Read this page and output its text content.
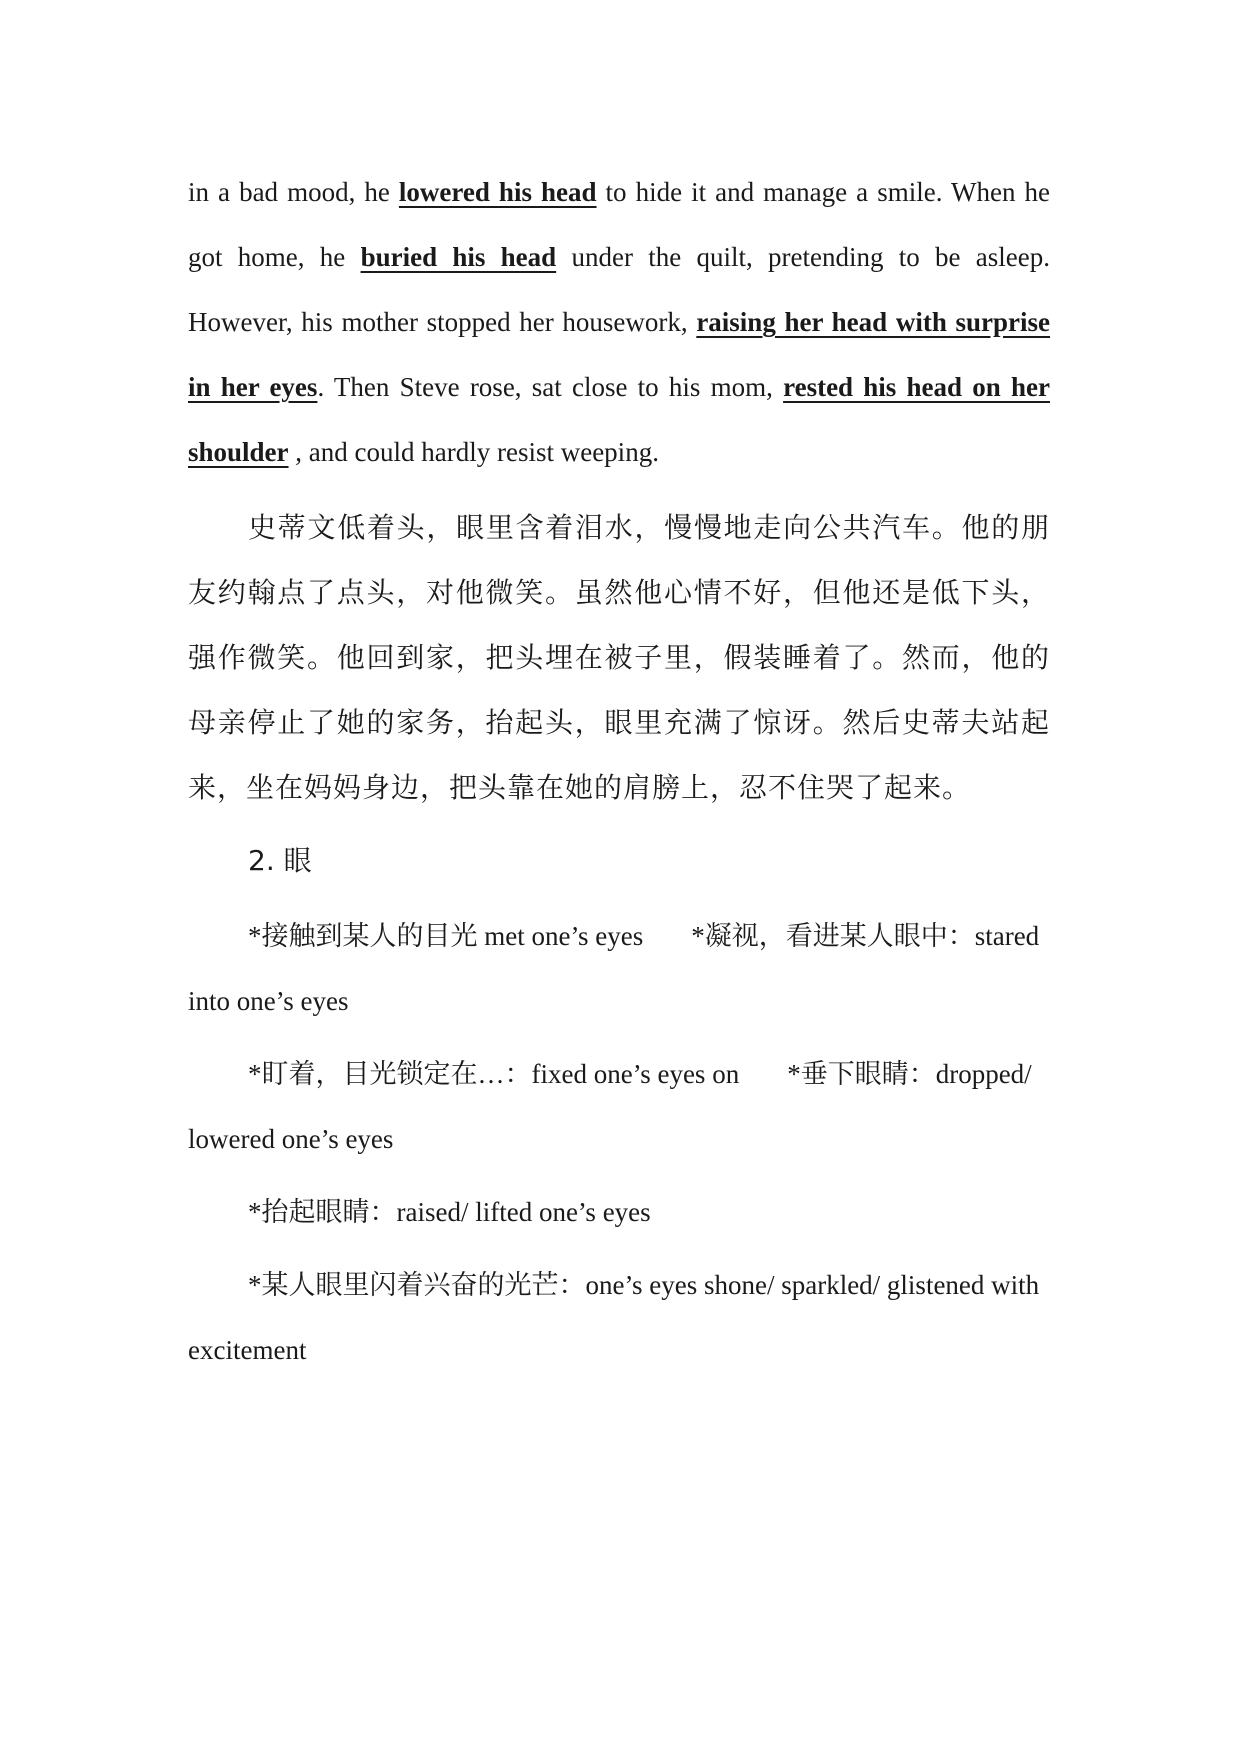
in a bad mood, he lowered his head to hide it and manage a smile. When he got home, he buried his head under the quilt, pretending to be asleep. However, his mother stopped her housework, raising her head with surprise in her eyes. Then Steve rose, sat close to his mom, rested his head on her shoulder , and could hardly resist weeping.

史蒂文低着头，眼里含着泪水，慢慢地走向公共汽车。他的朋友约翰点了点头，对他微笑。虽然他心情不好，但他还是低下头，强作微笑。他回到家，把头埋在被子里，假装睡着了。然而，他的母亲停止了她的家务，抬起头，眼里充满了惊讶。然后史蒂夫站起来，坐在妈妈身边，把头靠在她的肩膀上，忍不住哭了起来。

2. 眼

*接触到某人的目光 met one’s eyes *凝视，看进某人眼中：stared into one’s eyes

*盯着，目光锁定在…：fixed one’s eyes on *垂下眼睛：dropped/ lowered one’s eyes

*抬起眼睛：raised/ lifted one’s eyes

*某人眼里闪着兴奋的光芒：one’s eyes shone/ sparkled/ glistened with excitement
